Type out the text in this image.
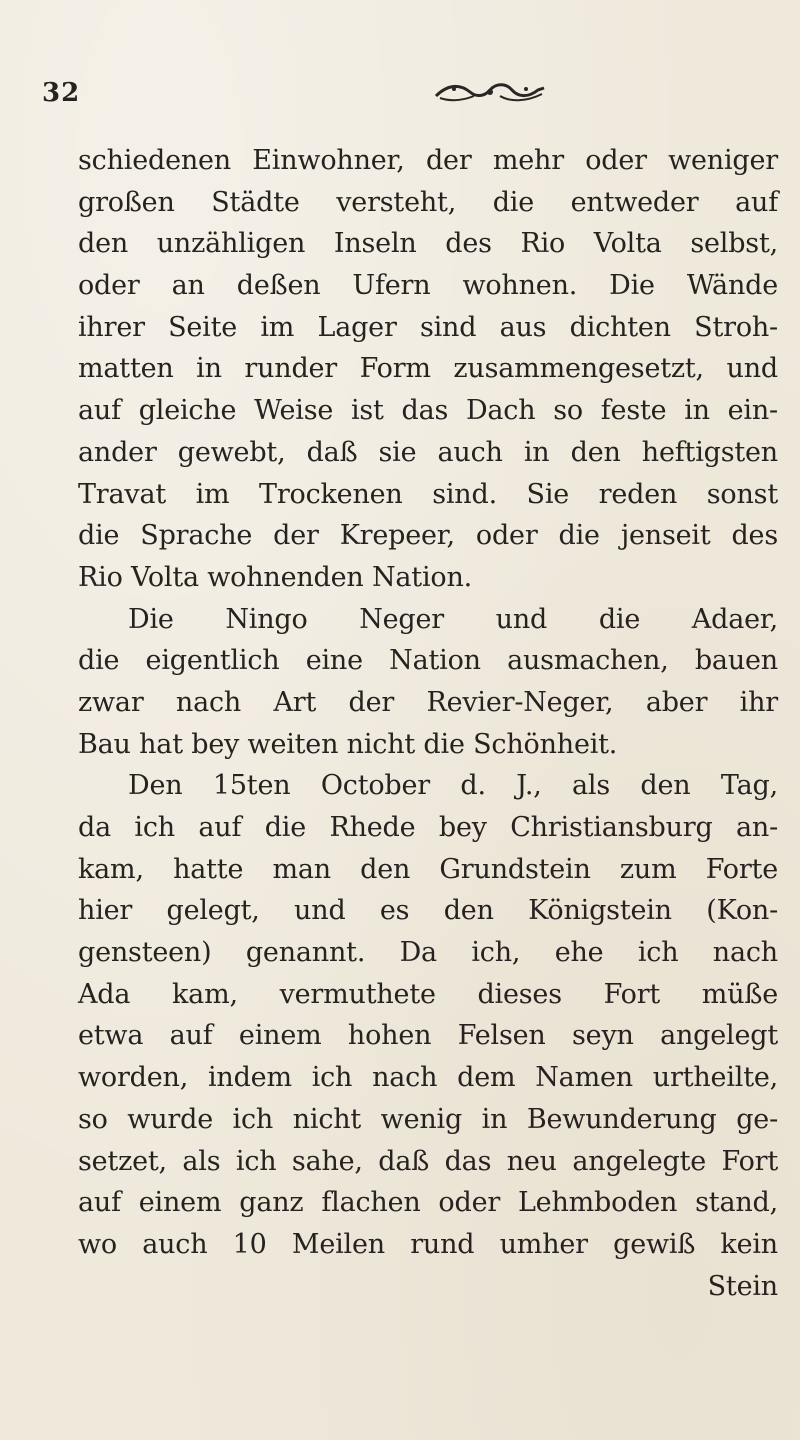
32
schiedenen Einwohner, der mehr oder weniger
großen Städte versteht, die entweder auf
den unzähligen Inseln des Rio Volta selbst,
oder an deßen Ufern wohnen. Die Wände
ihrer Seite im Lager sind aus dichten Stroh-
matten in runder Form zusammengesetzt, und
auf gleiche Weise ist das Dach so feste in ein-
ander gewebt, daß sie auch in den heftigsten
Travat im Trockenen sind. Sie reden sonst
die Sprache der Krepeer, oder die jenseit des
Rio Volta wohnenden Nation.
Die Ningo Neger und die Adaer,
die eigentlich eine Nation ausmachen, bauen
zwar nach Art der Revier-Neger, aber ihr
Bau hat bey weiten nicht die Schönheit.
Den 15ten October d. J., als den Tag,
da ich auf die Rhede bey Christiansburg an-
kam, hatte man den Grundstein zum Forte
hier gelegt, und es den Königstein (Kon-
gensteen) genannt. Da ich, ehe ich nach
Ada kam, vermuthete dieses Fort müße
etwa auf einem hohen Felsen seyn angelegt
worden, indem ich nach dem Namen urtheilte,
so wurde ich nicht wenig in Bewunderung ge-
setzet, als ich sahe, daß das neu angelegte Fort
auf einem ganz flachen oder Lehmboden stand,
wo auch 10 Meilen rund umher gewiß kein
Stein
